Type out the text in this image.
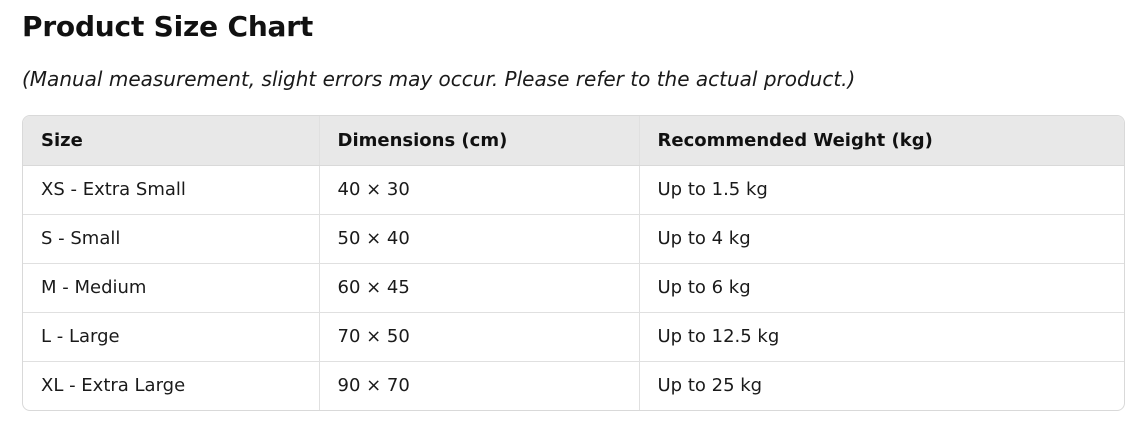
Product Size Chart

(Manual measurement, slight errors may occur. Please refer to the actual product.)

Size	Dimensions (cm)	Recommended Weight (kg)
XS - Extra Small	40 × 30	Up to 1.5 kg
S - Small	50 × 40	Up to 4 kg
M - Medium	60 × 45	Up to 6 kg
L - Large	70 × 50	Up to 12.5 kg
XL - Extra Large	90 × 70	Up to 25 kg
